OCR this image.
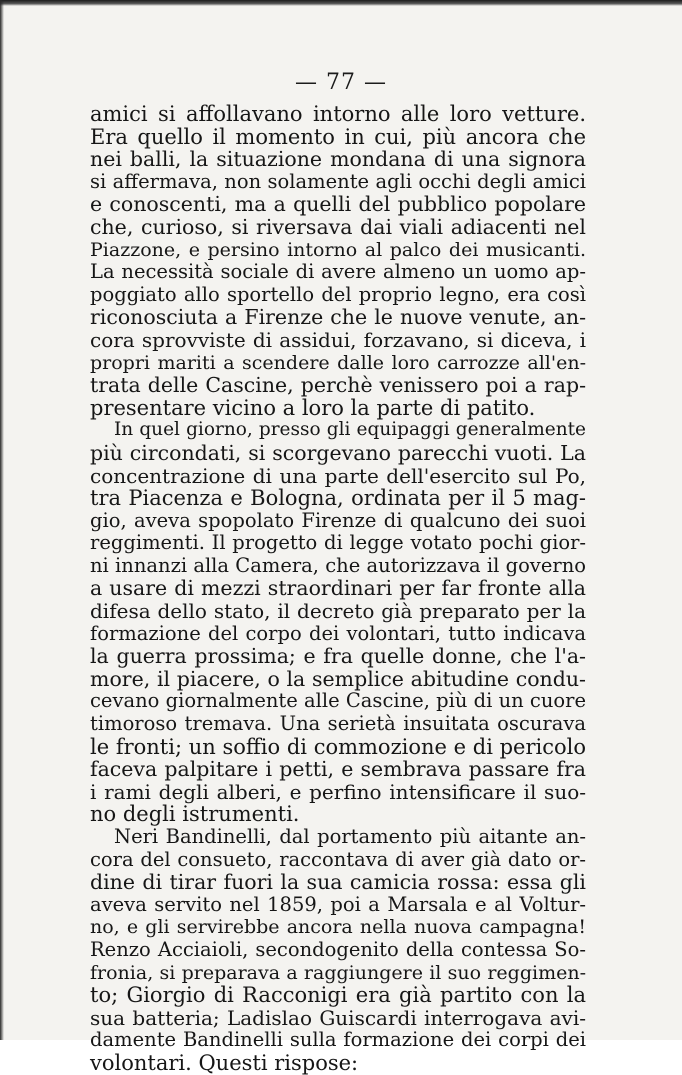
— 77 —
amici si affollavano intorno alle loro vetture.
Era quello il momento in cui, più ancora che
nei balli, la situazione mondana di una signora
si affermava, non solamente agli occhi degli amici
e conoscenti, ma a quelli del pubblico popolare
che, curioso, si riversava dai viali adiacenti nel
Piazzone, e persino intorno al palco dei musicanti.
La necessità sociale di avere almeno un uomo ap-
poggiato allo sportello del proprio legno, era così
riconosciuta a Firenze che le nuove venute, an-
cora sprovviste di assidui, forzavano, si diceva, i
propri mariti a scendere dalle loro carrozze all'en-
trata delle Cascine, perchè venissero poi a rap-
presentare vicino a loro la parte di patito.
In quel giorno, presso gli equipaggi generalmente
più circondati, si scorgevano parecchi vuoti. La
concentrazione di una parte dell'esercito sul Po,
tra Piacenza e Bologna, ordinata per il 5 mag-
gio, aveva spopolato Firenze di qualcuno dei suoi
reggimenti. Il progetto di legge votato pochi gior-
ni innanzi alla Camera, che autorizzava il governo
a usare di mezzi straordinari per far fronte alla
difesa dello stato, il decreto già preparato per la
formazione del corpo dei volontari, tutto indicava
la guerra prossima; e fra quelle donne, che l'a-
more, il piacere, o la semplice abitudine condu-
cevano giornalmente alle Cascine, più di un cuore
timoroso tremava. Una serietà insuitata oscurava
le fronti; un soffio di commozione e di pericolo
faceva palpitare i petti, e sembrava passare fra
i rami degli alberi, e perfino intensificare il suo-
no degli istrumenti.
Neri Bandinelli, dal portamento più aitante an-
cora del consueto, raccontava di aver già dato or-
dine di tirar fuori la sua camicia rossa: essa gli
aveva servito nel 1859, poi a Marsala e al Voltur-
no, e gli servirebbe ancora nella nuova campagna!
Renzo Acciaioli, secondogenito della contessa So-
fronia, si preparava a raggiungere il suo reggimen-
to; Giorgio di Racconigi era già partito con la
sua batteria; Ladislao Guiscardi interrogava avi-
damente Bandinelli sulla formazione dei corpi dei
volontari. Questi rispose:
